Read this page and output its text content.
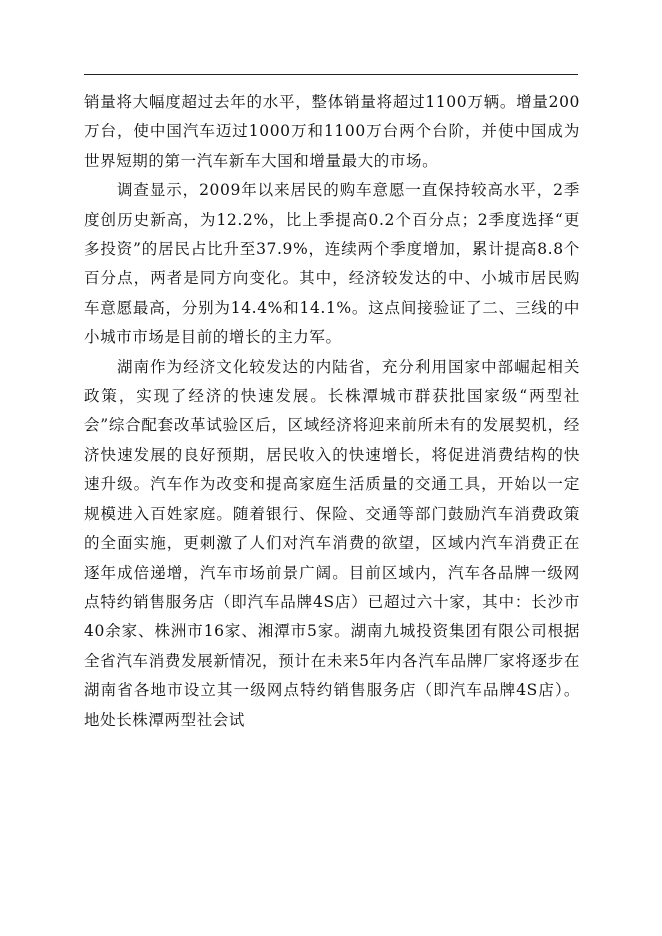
销量将大幅度超过去年的水平，整体销量将超过1100万辆。增量200万台，使中国汽车迈过1000万和1100万台两个台阶，并使中国成为世界短期的第一汽车新车大国和增量最大的市场。

调查显示，2009年以来居民的购车意愿一直保持较高水平，2季度创历史新高，为12.2%，比上季提高0.2个百分点；2季度选择“更多投资”的居民占比升至37.9%，连续两个季度增加，累计提高8.8个百分点，两者是同方向变化。其中，经济较发达的中、小城市居民购车意愿最高，分别为14.4%和14.1%。这点间接验证了二、三线的中小城市市场是目前的增长的主力军。

湖南作为经济文化较发达的内陆省，充分利用国家中部崛起相关政策，实现了经济的快速发展。长株潭城市群获批国家级“两型社会”综合配套改革试验区后，区域经济将迎来前所未有的发展契机，经济快速发展的良好预期，居民收入的快速增长，将促进消费结构的快速升级。汽车作为改变和提高家庭生活质量的交通工具，开始以一定规模进入百姓家庭。随着银行、保险、交通等部门鼓励汽车消费政策的全面实施，更刺激了人们对汽车消费的欲望，区域内汽车消费正在逐年成倍递增，汽车市场前景广阔。目前区域内，汽车各品牌一级网点特约销售服务店（即汽车品牌4S店）已超过六十家，其中：长沙市40余家、株洲市16家、湘潭市5家。湖南九城投资集团有限公司根据全省汽车消费发展新情况，预计在未来5年内各汽车品牌厂家将逐步在湖南省各地市设立其一级网点特约销售服务店（即汽车品牌4S店）。地处长株潭两型社会试
